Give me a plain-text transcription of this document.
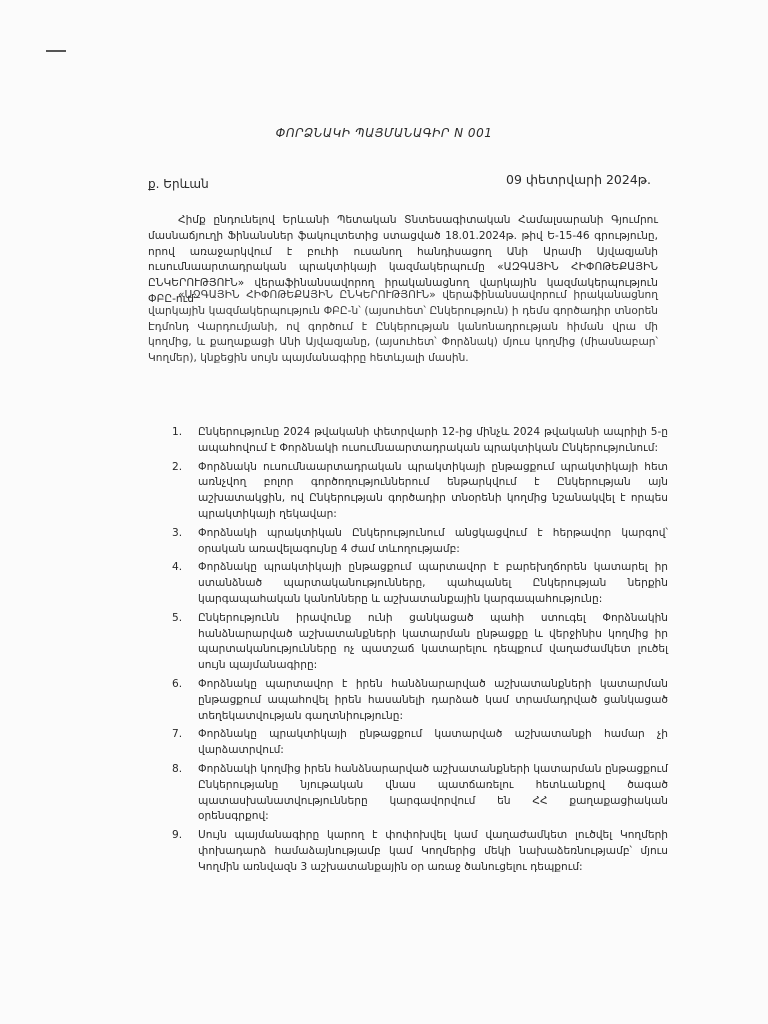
ՓՈՐՁՆԱԿԻ ՊԱՅՄԱՆԱԳԻՐ N 001
ք. Երևան	09 փետրվարի 2024թ.

Հիմք ընդունելով Երևանի Պետական Տնտեսագիտական Համալսարանի Գյումրու մասնաճյուղի Ֆինանսներ ֆակուլտետից ստացված 18.01.2024թ. թիվ Ե-15-46 գրությունը, որով առաջարկվում է բուհի ուսանող հանդիսացող Անի Արամի Այվազյանի ուսումնաարտադրական պրակտիկայի կազմակերպումը «ԱԶԳԱՅԻՆ ՀԻՓՈԹԵՔԱՅԻՆ ԸՆԿԵՐՈՒԹՅՈՒՆ» վերաֆինանսավորող իրականացնող վարկային կազմակերպություն ՓԲԸ-ում՝

«ԱԶԳԱՅԻՆ ՀԻՓՈԹԵՔԱՅԻՆ ԸՆԿԵՐՈՒԹՅՈՒՆ» վերաֆինանսավորում իրականացնող վարկային կազմակերպություն ՓԲԸ-ն՝ (այսուհետ՝ Ընկերություն) ի դեմս գործադիր տնօրեն Էդմոնդ Վարդումյանի, ով գործում է Ընկերության կանոնադրության հիման վրա մի կողմից, և քաղաքացի Անի Այվազյանը, (այսուհետ՝ Փորձնակ) մյուս կողմից (միասնաբար՝ Կողմեր), կնքեցին սույն պայմանագիրը հետևյալի մասին.

1.	Ընկերությունը 2024 թվականի փետրվարի 12-ից մինչև 2024 թվականի ապրիլի 5-ը ապահովում է Փորձնակի ուսումնաարտադրական պրակտիկան Ընկերությունում:
2.	Փորձնակն ուսումնաարտադրական պրակտիկայի ընթացքում պրակտիկայի հետ առնչվող բոլոր գործողություններում ենթարկվում է Ընկերության այն աշխատակցին, ով Ընկերության գործադիր տնօրենի կողմից նշանակվել է որպես պրակտիկայի ղեկավար:
3.	Փորձնակի պրակտիկան Ընկերությունում անցկացվում է հերթավոր կարգով՝ օրական առավելագույնը 4 ժամ տևողությամբ:
4.	Փորձնակը պրակտիկայի ընթացքում պարտավոր է բարեխղճորեն կատարել իր ստանձնած պարտականությունները, պահպանել Ընկերության ներքին կարգապահական կանոնները և աշխատանքային կարգապահությունը:
5.	Ընկերությունն իրավունք ունի ցանկացած պահի ստուգել Փորձնակին հանձնարարված աշխատանքների կատարման ընթացքը և վերջինիս կողմից իր պարտականությունները ոչ պատշաճ կատարելու դեպքում վաղաժամկետ լուծել սույն պայմանագիրը:
6.	Փորձնակը պարտավոր է իրեն հանձնարարված աշխատանքների կատարման ընթացքում ապահովել իրեն հասանելի դարձած կամ տրամադրված ցանկացած տեղեկատվության գաղտնիությունը:
7.	Փորձնակը պրակտիկայի ընթացքում կատարված աշխատանքի համար չի վարձատրվում:
8.	Փորձնակի կողմից իրեն հանձնարարված աշխատանքների կատարման ընթացքում Ընկերությանը նյութական վնաս պատճառելու հետևանքով ծագած պատասխանատվությունները կարգավորվում են ՀՀ քաղաքացիական օրենսգրքով:
9.	Սույն պայմանագիրը կարող է փոփոխվել կամ վաղաժամկետ լուծվել Կողմերի փոխադարձ համաձայնությամբ կամ Կողմերից մեկի նախաձեռնությամբ՝ մյուս Կողմին առնվազն 3 աշխատանքային օր առաջ ծանուցելու դեպքում:
